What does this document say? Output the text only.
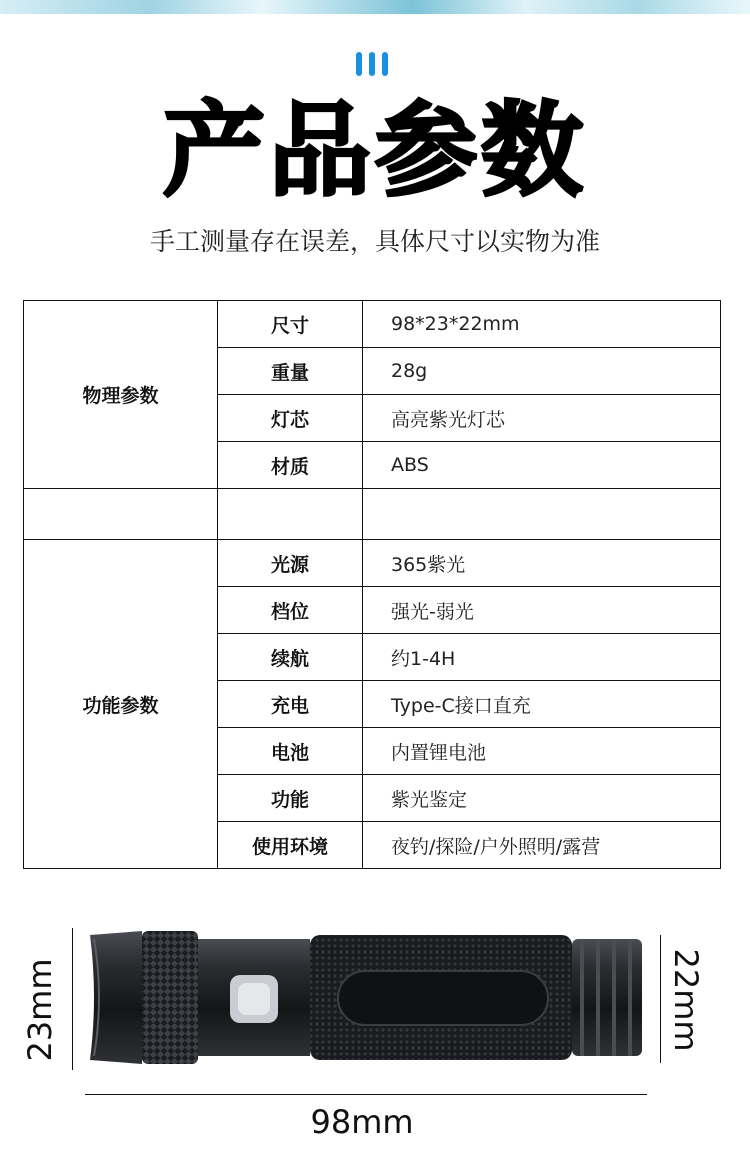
产品参数
手工测量存在误差，具体尺寸以实物为准
物理参数	尺寸	98*23*22mm
	重量	28g
	灯芯	高亮紫光灯芯
	材质	ABS

功能参数	光源	365紫光
	档位	强光-弱光
	续航	约1-4H
	充电	Type-C接口直充
	电池	内置锂电池
	功能	紫光鉴定
	使用环境	夜钓/探险/户外照明/露营
23mm	22mm
98mm
